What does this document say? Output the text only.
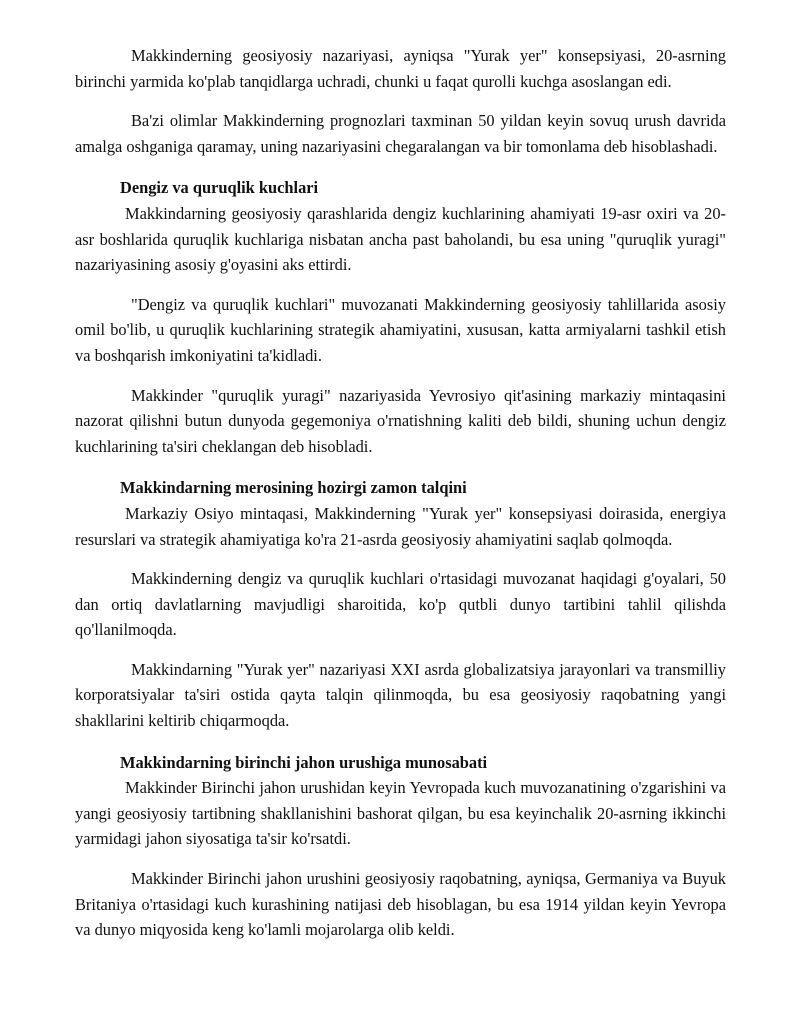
Makkinderning geosiyosiy nazariyasi, ayniqsa "Yurak yer" konsepsiyasi, 20-asrning birinchi yarmida ko'plab tanqidlarga uchradi, chunki u faqat qurolli kuchga asoslangan edi.

Ba'zi olimlar Makkinderning prognozlari taxminan 50 yildan keyin sovuq urush davrida amalga oshganiga qaramay, uning nazariyasini chegaralangan va bir tomonlama deb hisoblashadi.

Dengiz va quruqlik kuchlari

Makkindarning geosiyosiy qarashlarida dengiz kuchlarining ahamiyati 19-asr oxiri va 20-asr boshlarida quruqlik kuchlariga nisbatan ancha past baholandi, bu esa uning "quruqlik yuragi" nazariyasining asosiy g'oyasini aks ettirdi.

"Dengiz va quruqlik kuchlari" muvozanati Makkinderning geosiyosiy tahlillarida asosiy omil bo'lib, u quruqlik kuchlarining strategik ahamiyatini, xususan, katta armiyalarni tashkil etish va boshqarish imkoniyatini ta'kidladi.

Makkinder "quruqlik yuragi" nazariyasida Yevrosiyo qit'asining markaziy mintaqasini nazorat qilishni butun dunyoda gegemoniya o'rnatishning kaliti deb bildi, shuning uchun dengiz kuchlarining ta'siri cheklangan deb hisobladi.

Makkindarning merosining hozirgi zamon talqini

Markaziy Osiyo mintaqasi, Makkinderning "Yurak yer" konsepsiyasi doirasida, energiya resurslari va strategik ahamiyatiga ko'ra 21-asrda geosiyosiy ahamiyatini saqlab qolmoqda.

Makkinderning dengiz va quruqlik kuchlari o'rtasidagi muvozanat haqidagi g'oyalari, 50 dan ortiq davlatlarning mavjudligi sharoitida, ko'p qutbli dunyo tartibini tahlil qilishda qo'llanilmoqda.

Makkindarning "Yurak yer" nazariyasi XXI asrda globalizatsiya jarayonlari va transmilliy korporatsiyalar ta'siri ostida qayta talqin qilinmoqda, bu esa geosiyosiy raqobatning yangi shakllarini keltirib chiqarmoqda.

Makkindarning birinchi jahon urushiga munosabati

Makkinder Birinchi jahon urushidan keyin Yevropada kuch muvozanatining o'zgarishini va yangi geosiyosiy tartibning shakllanishini bashorat qilgan, bu esa keyinchalik 20-asrning ikkinchi yarmidagi jahon siyosatiga ta'sir ko'rsatdi.

Makkinder Birinchi jahon urushini geosiyosiy raqobatning, ayniqsa, Germaniya va Buyuk Britaniya o'rtasidagi kuch kurashining natijasi deb hisoblagan, bu esa 1914 yildan keyin Yevropa va dunyo miqyosida keng ko'lamli mojarolarga olib keldi.
